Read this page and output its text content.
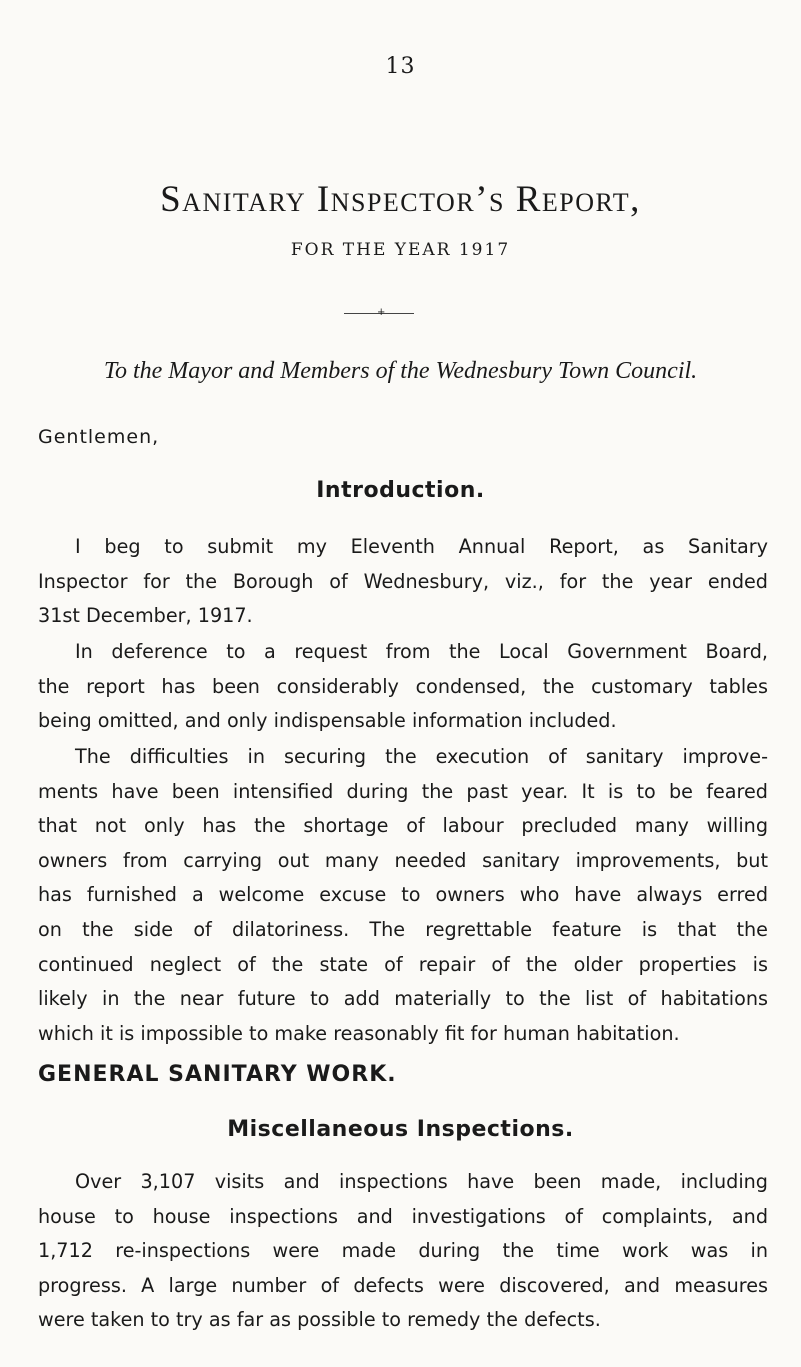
13
Sanitary Inspector’s Report,
FOR THE YEAR 1917
+
To the Mayor and Members of the Wednesbury Town Council.
Gentlemen,
Introduction.
I beg to submit my Eleventh Annual Report, as Sanitary
Inspector for the Borough of Wednesbury, viz., for the year ended
31st December, 1917.
In deference to a request from the Local Government Board,
the report has been considerably condensed, the customary tables
being omitted, and only indispensable information included.
The difficulties in securing the execution of sanitary improve-
ments have been intensified during the past year. It is to be feared
that not only has the shortage of labour precluded many willing
owners from carrying out many needed sanitary improvements, but
has furnished a welcome excuse to owners who have always erred
on the side of dilatoriness. The regrettable feature is that the
continued neglect of the state of repair of the older properties is
likely in the near future to add materially to the list of habitations
which it is impossible to make reasonably fit for human habitation.
GENERAL SANITARY WORK.
Miscellaneous Inspections.
Over 3,107 visits and inspections have been made, including
house to house inspections and investigations of complaints, and
1,712 re-inspections were made during the time work was in
progress. A large number of defects were discovered, and measures
were taken to try as far as possible to remedy the defects.
